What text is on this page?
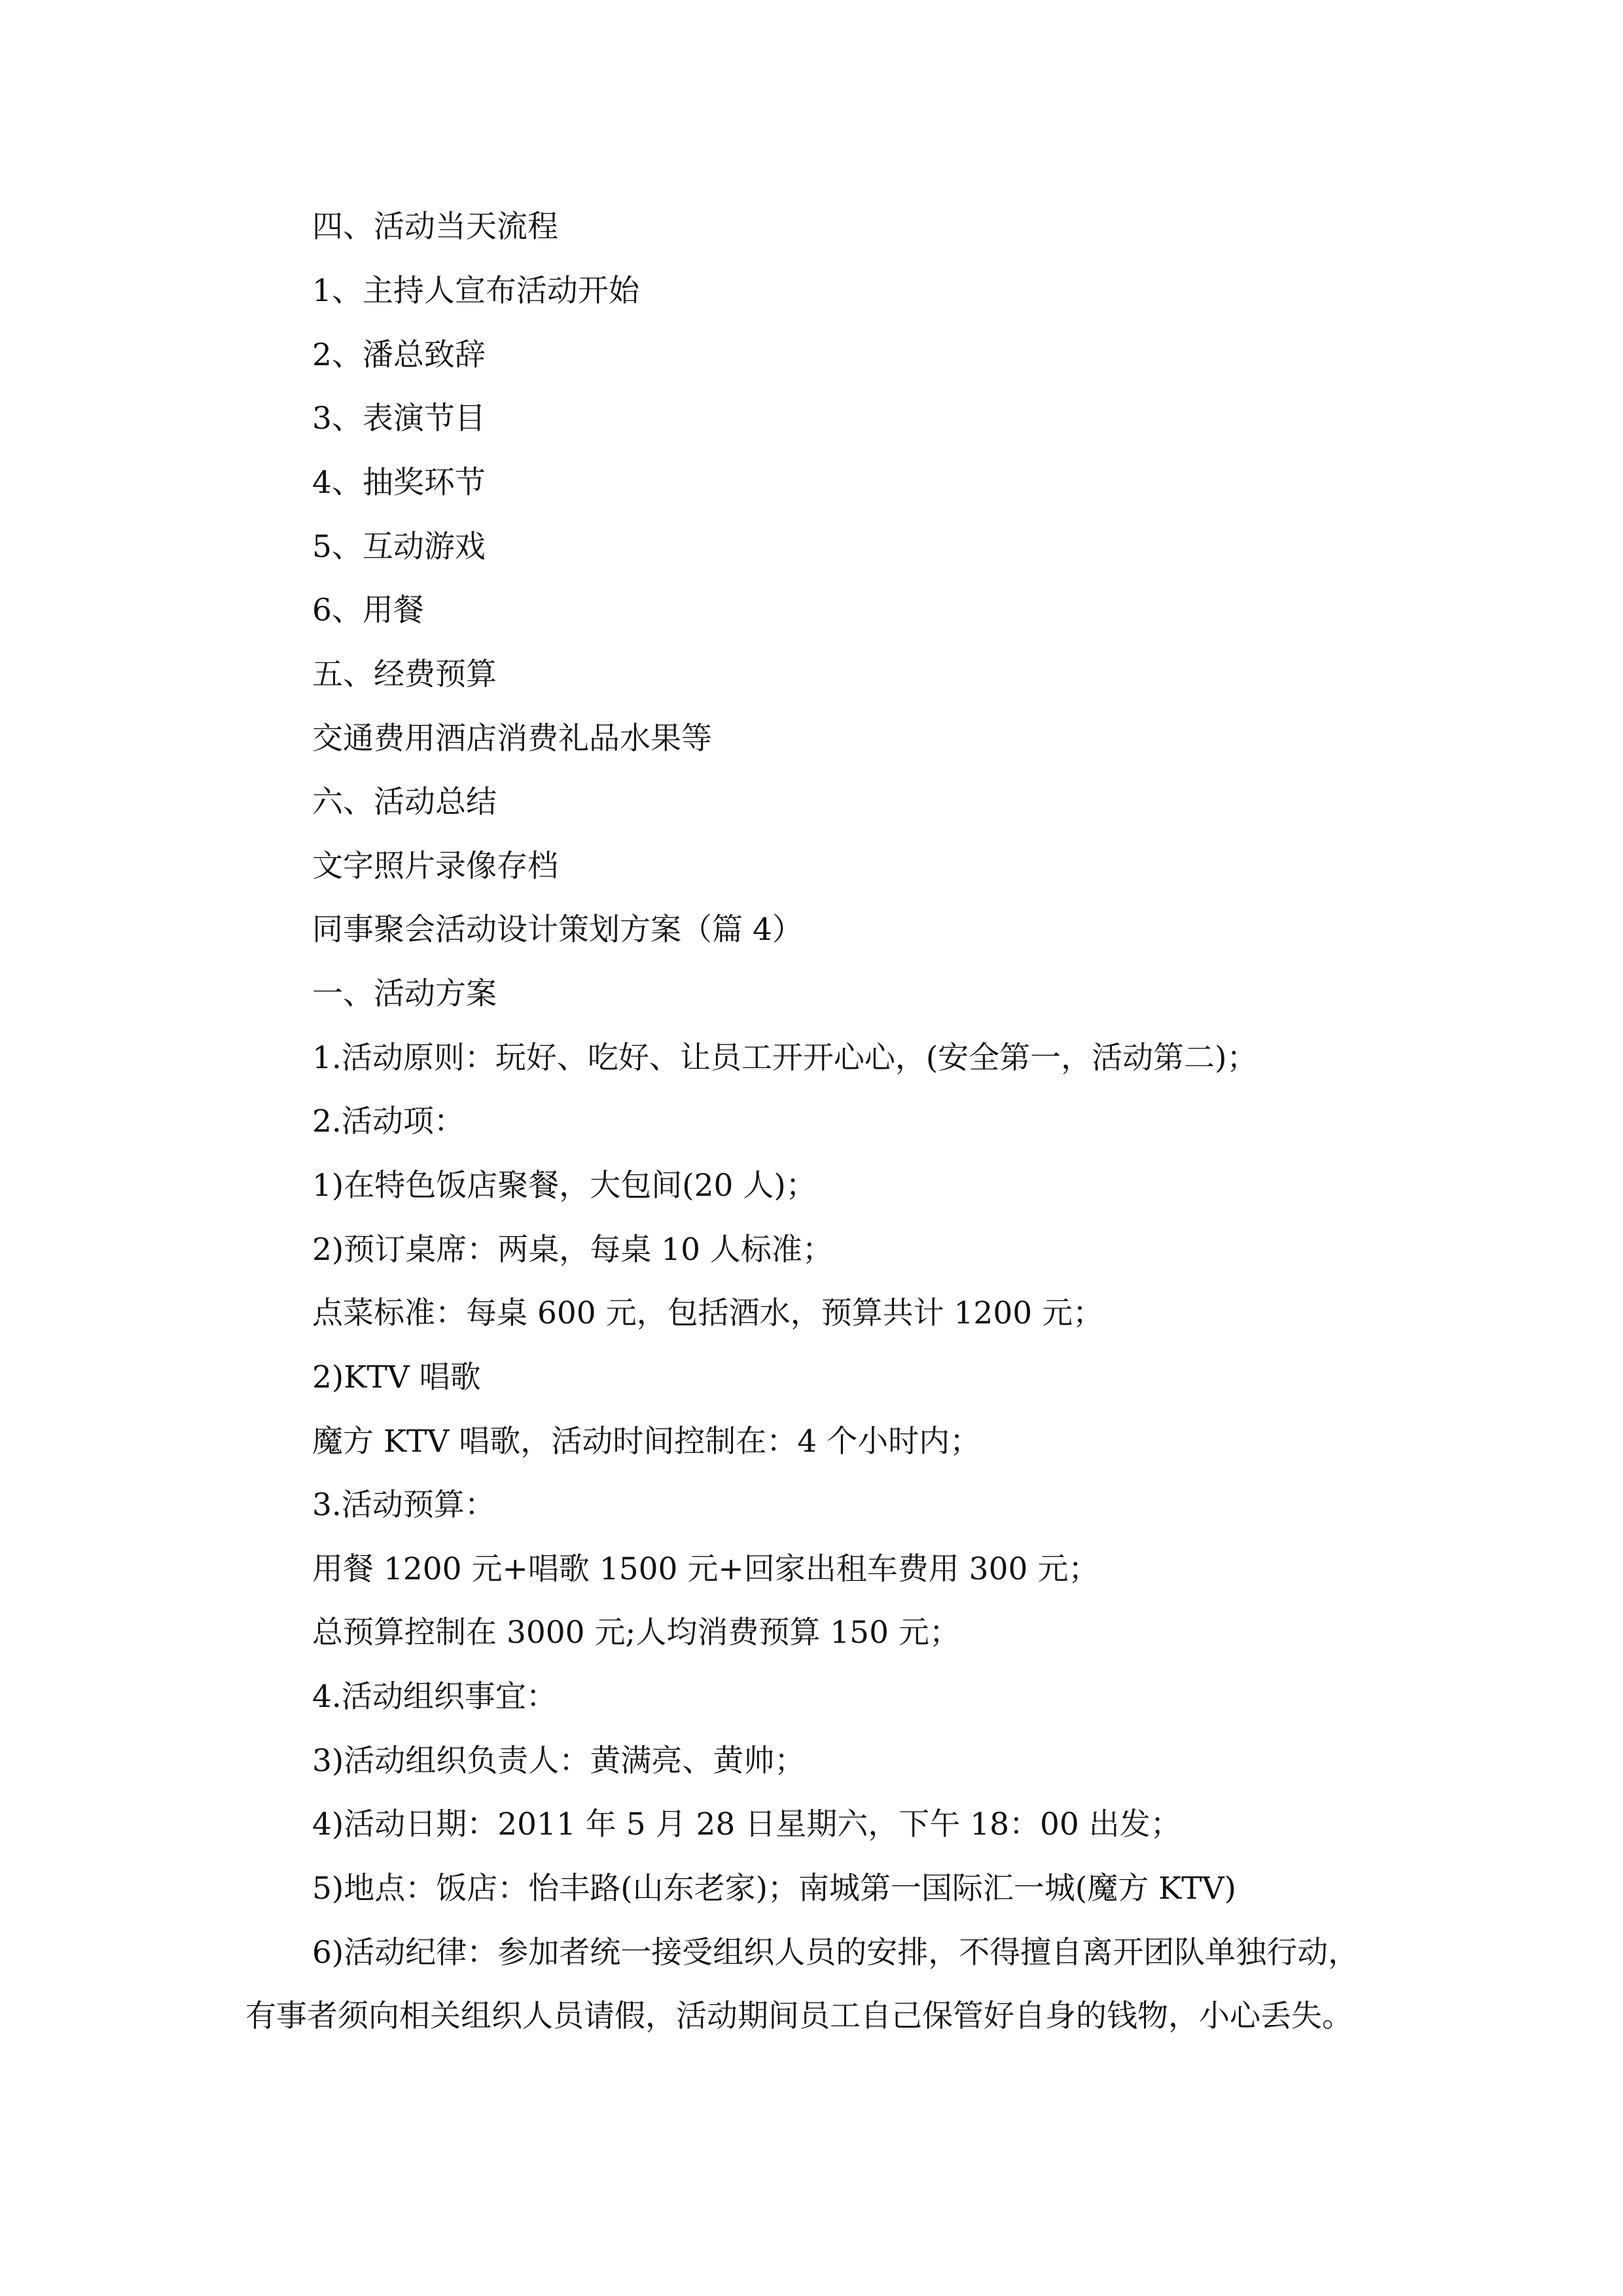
四、活动当天流程
1、主持人宣布活动开始
2、潘总致辞
3、表演节目
4、抽奖环节
5、互动游戏
6、用餐
五、经费预算
交通费用酒店消费礼品水果等
六、活动总结
文字照片录像存档
同事聚会活动设计策划方案（篇 4）
一、活动方案
1.活动原则：玩好、吃好、让员工开开心心，(安全第一，活动第二)；
2.活动项：
1)在特色饭店聚餐，大包间(20 人)；
2)预订桌席：两桌，每桌 10 人标准；
点菜标准：每桌 600 元，包括酒水，预算共计 1200 元；
2)KTV 唱歌
魔方 KTV 唱歌，活动时间控制在：4 个小时内；
3.活动预算：
用餐 1200 元+唱歌 1500 元+回家出租车费用 300 元；
总预算控制在 3000 元;人均消费预算 150 元；
4.活动组织事宜：
3)活动组织负责人：黄满亮、黄帅；
4)活动日期：2011 年 5 月 28 日星期六，下午 18：00 出发；
5)地点：饭店：怡丰路(山东老家)；南城第一国际汇一城(魔方 KTV)

6)活动纪律：参加者统一接受组织人员的安排，不得擅自离开团队单独行动，

有事者须向相关组织人员请假，活动期间员工自己保管好自身的钱物，小心丢失。
